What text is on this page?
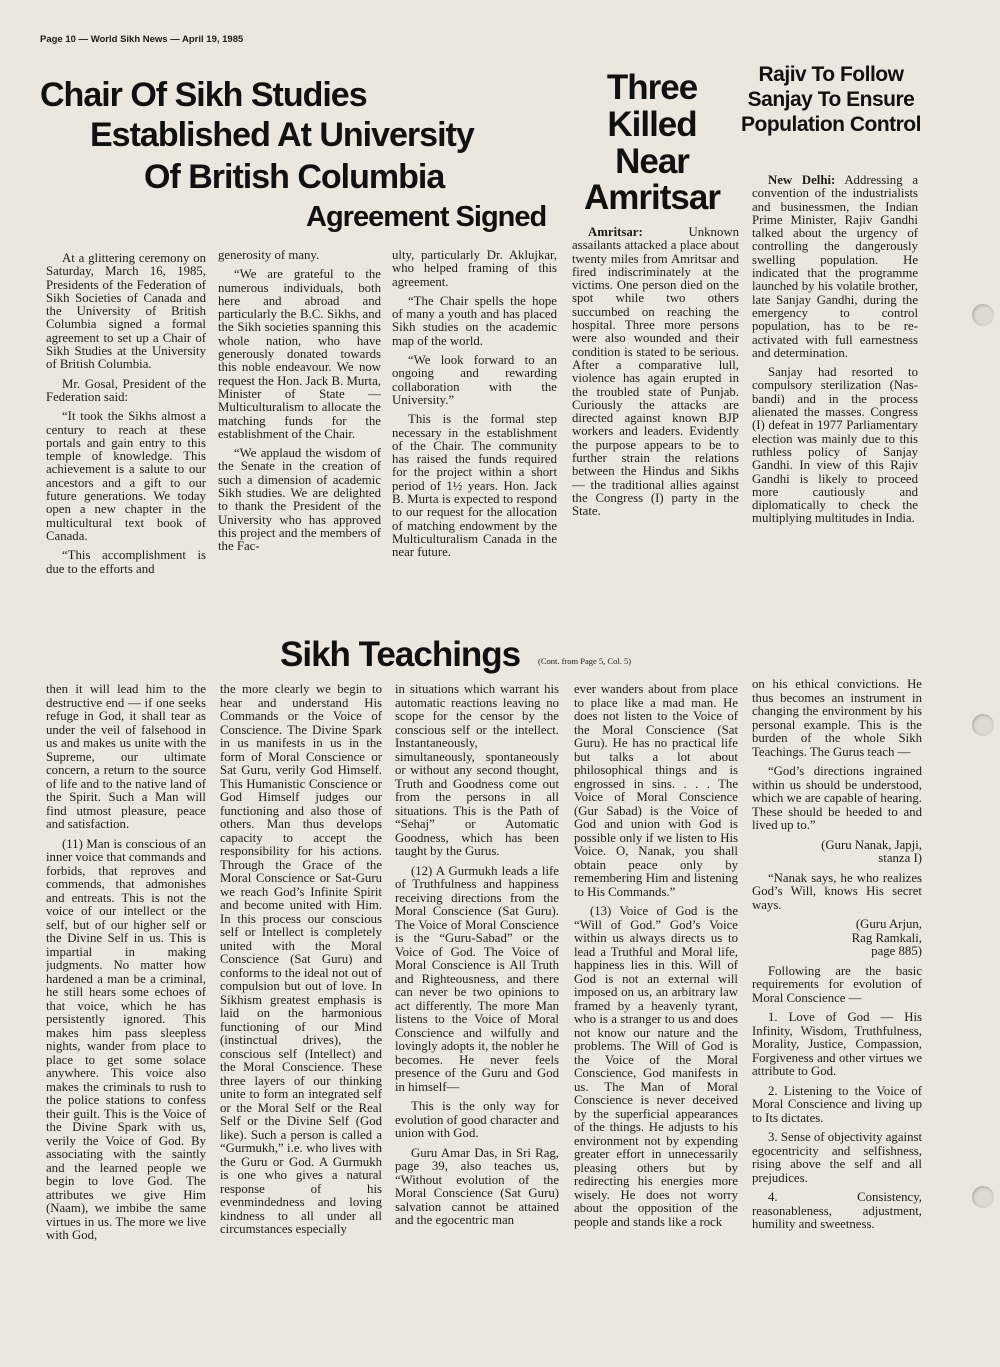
Page 10 — World Sikh News — April 19, 1985
Chair Of Sikh Studies
Established At University
Of British Columbia
Agreement Signed

At a glittering ceremony on Saturday, March 16, 1985, Presidents of the Federation of Sikh Societies of Canada and the University of British Columbia signed a formal agreement to set up a Chair of Sikh Studies at the University of British Columbia.

Mr. Gosal, President of the Federation said:

“It took the Sikhs almost a century to reach at these portals and gain entry to this temple of knowledge. This achievement is a salute to our ancestors and a gift to our future generations. We today open a new chapter in the multicultural text book of Canada.

“This accomplishment is due to the efforts and

generosity of many.

“We are grateful to the numerous individuals, both here and abroad and particularly the B.C. Sikhs, and the Sikh societies spanning this whole nation, who have generously donated towards this noble endeavour. We now request the Hon. Jack B. Murta, Minister of State — Multiculturalism to allocate the matching funds for the establishment of the Chair.

“We applaud the wisdom of the Senate in the creation of such a dimension of academic Sikh studies. We are delighted to thank the President of the University who has approved this project and the members of the Fac-

ulty, particularly Dr. Aklujkar, who helped framing of this agreement.

“The Chair spells the hope of many a youth and has placed Sikh studies on the academic map of the world.

“We look forward to an ongoing and rewarding collaboration with the University.”

This is the formal step necessary in the establishment of the Chair. The community has raised the funds required for the project within a short period of 1½ years. Hon. Jack B. Murta is expected to respond to our request for the allocation of matching endowment by the Multiculturalism Canada in the near future.

Three Killed Near Amritsar

Amritsar:	Unknown assailants attacked a place about twenty miles from Amritsar and fired indiscriminately at the victims. One person died on the spot while two others succumbed on reaching the hospital. Three more persons were also wounded and their condition is stated to be serious. After a comparative lull, violence has again erupted in the troubled state of Punjab. Curiously the attacks are directed against known BJP workers and leaders. Evidently the purpose appears to be to further strain the relations between the Hindus and Sikhs — the traditional allies against the Congress (I) party in the State.

Rajiv To Follow Sanjay To Ensure Population Control

New Delhi: Addressing a convention of the industrialists and businessmen, the Indian Prime Minister, Rajiv Gandhi talked about the urgency of controlling the dangerously swelling population. He indicated that the programme launched by his volatile brother, late Sanjay Gandhi, during the emergency to control population, has to be re-activated with full earnestness and determination.

Sanjay had resorted to compulsory sterilization (Nas-bandi) and in the process alienated the masses. Congress (I) defeat in 1977 Parliamentary election was mainly due to this ruthless policy of Sanjay Gandhi. In view of this Rajiv Gandhi is likely to proceed more cautiously and diplomatically to check the multiplying multitudes in India.

Sikh Teachings (Cont. from Page 5, Col. 5)

then it will lead him to the destructive end — if one seeks refuge in God, it shall tear as under the veil of falsehood in us and makes us unite with the Supreme, our ultimate concern, a return to the source of life and to the native land of the Spirit. Such a Man will find utmost pleasure, peace and satisfaction.

(11) Man is conscious of an inner voice that commands and forbids, that reproves and commends, that admonishes and entreats. This is not the voice of our intellect or the self, but of our higher self or the Divine Self in us. This is impartial in making judgments. No matter how hardened a man be a criminal, he still hears some echoes of that voice, which he has persistently ignored. This makes him pass sleepless nights, wander from place to place to get some solace anywhere. This voice also makes the criminals to rush to the police stations to confess their guilt. This is the Voice of the Divine Spark with us, verily the Voice of God. By associating with the saintly and the learned people we begin to love God. The attributes we give Him (Naam), we imbibe the same virtues in us. The more we live with God,

the more clearly we begin to hear and understand His Commands or the Voice of Conscience. The Divine Spark in us manifests in us in the form of Moral Conscience or Sat Guru, verily God Himself. This Humanistic Conscience or God Himself judges our functioning and also those of others. Man thus develops capacity to accept the responsibility for his actions. Through the Grace of the Moral Conscience or Sat-Guru we reach God’s Infinite Spirit and become united with Him. In this process our conscious self or Intellect is completely united with the Moral Conscience (Sat Guru) and conforms to the ideal not out of compulsion but out of love. In Sikhism greatest emphasis is laid on the harmonious functioning of our Mind (instinctual drives), the conscious self (Intellect) and the Moral Conscience. These three layers of our thinking unite to form an integrated self or the Moral Self or the Real Self or the Divine Self (God like). Such a person is called a “Gurmukh,” i.e. who lives with the Guru or God. A Gurmukh is one who gives a natural response of his evenmindedness and loving kindness to all under all circumstances especially

in situations which warrant his automatic reactions leaving no scope for the censor by the conscious self or the intellect. Instantaneously, simultaneously, spontaneously or without any second thought, Truth and Goodness come out from the persons in all situations. This is the Path of “Sehaj” or Automatic Goodness, which has been taught by the Gurus.

(12) A Gurmukh leads a life of Truthfulness and happiness receiving directions from the Moral Conscience (Sat Guru). The Voice of Moral Conscience is the “Guru-Sabad” or the Voice of God. The Voice of Moral Conscience is All Truth and Righteousness, and there can never be two opinions to act differently. The more Man listens to the Voice of Moral Conscience and wilfully and lovingly adopts it, the nobler he becomes. He never feels presence of the Guru and God in himself—

This is the only way for evolution of good character and union with God.

Guru Amar Das, in Sri Rag, page 39, also teaches us, “Without evolution of the Moral Conscience (Sat Guru) salvation cannot be attained and the egocentric man

ever wanders about from place to place like a mad man. He does not listen to the Voice of the Moral Conscience (Sat Guru). He has no practical life but talks a lot about philosophical things and is engrossed in sins. . . . The Voice of Moral Conscience (Gur Sabad) is the Voice of God and union with God is possible only if we listen to His Voice. O, Nanak, you shall obtain peace only by remembering Him and listening to His Commands.”

(13) Voice of God is the “Will of God.” God’s Voice within us always directs us to lead a Truthful and Moral life, happiness lies in this. Will of God is not an external will imposed on us, an arbitrary law framed by a heavenly tyrant, who is a stranger to us and does not know our nature and the problems. The Will of God is the Voice of the Moral Conscience, God manifests in us. The Man of Moral Conscience is never deceived by the superficial appearances of the things. He adjusts to his environment not by expending greater effort in unnecessarily pleasing others but by redirecting his energies more wisely. He does not worry about the opposition of the people and stands like a rock

on his ethical convictions. He thus becomes an instrument in changing the environment by his personal example. This is the burden of the whole Sikh Teachings. The Gurus teach —

“God’s directions ingrained within us should be understood, which we are capable of hearing. These should be heeded to and lived up to.”

(Guru Nanak, Japji,

stanza I)

“Nanak says, he who realizes God’s Will, knows His secret ways.

(Guru Arjun,

Rag Ramkali,

page 885)

Following are the basic requirements for evolution of Moral Conscience —

1. Love of God — His Infinity, Wisdom, Truthfulness, Morality, Justice, Compassion, Forgiveness and other virtues we attribute to God.

2. Listening to the Voice of Moral Conscience and living up to Its dictates.

3. Sense of objectivity against egocentricity and selfishness, rising above the self and all prejudices.

4. Consistency, reasonableness, adjustment, humility and sweetness.
